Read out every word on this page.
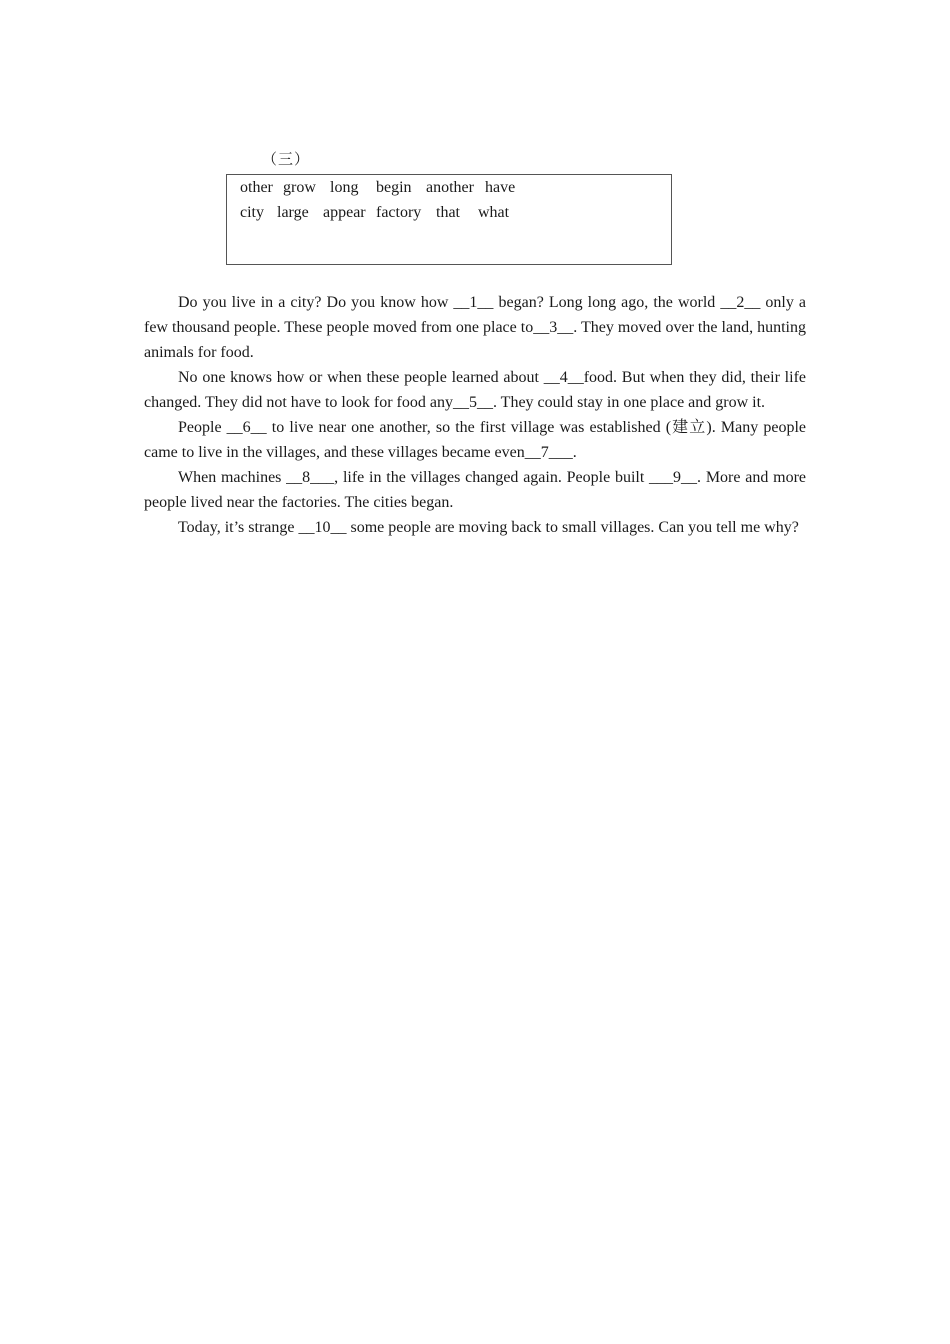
（三）
other grow long begin another have
city large appear factory that what

Do you live in a city? Do you know how __1__ began? Long long ago, the world __2__ only a few thousand people. These people moved from one place to__3__. They moved over the land, hunting animals for food.

No one knows how or when these people learned about __4__food. But when they did, their life changed. They did not have to look for food any__5__. They could stay in one place and grow it.

People __6__ to live near one another, so the first village was established (建立). Many people came to live in the villages, and these villages became even__7___.

When machines __8___, life in the villages changed again. People built ___9__. More and more people lived near the factories. The cities began.

Today, it’s strange __10__ some people are moving back to small villages. Can you tell me why?
